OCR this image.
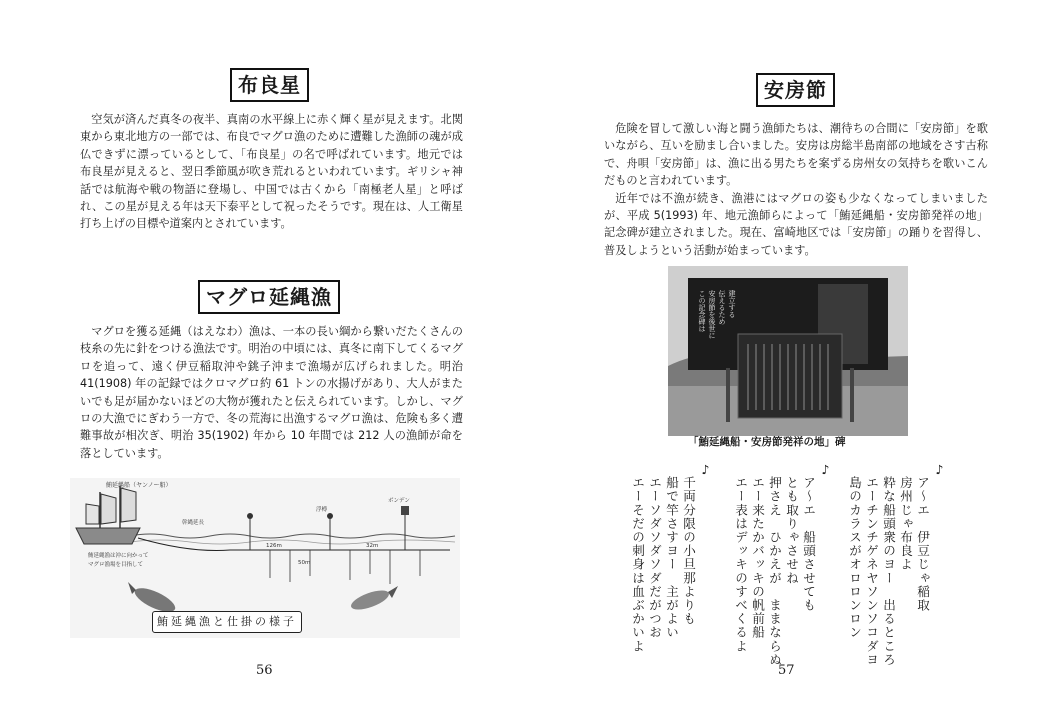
布良星

空気が済んだ真冬の夜半、真南の水平線上に赤く輝く星が見えます。北関東から東北地方の一部では、布良でマグロ漁のために遭難した漁師の魂が成仏できずに漂っているとして、「布良星」の名で呼ばれています。地元では布良星が見えると、翌日季節風が吹き荒れるといわれています。ギリシャ神話では航海や戦の物語に登場し、中国では古くから「南極老人星」と呼ばれ、この星が見える年は天下泰平として祝ったそうです。現在は、人工衛星打ち上げの目標や道案内とされています。

マグロ延縄漁

マグロを獲る延縄（はえなわ）漁は、一本の長い綱から繋いだたくさんの枝糸の先に針をつける漁法です。明治の中頃には、真冬に南下してくるマグロを追って、遠く伊豆稲取沖や銚子沖まで漁場が広げられました。明治 41(1908) 年の記録ではクロマグロ約 61 トンの水揚げがあり、大人がまたいでも足が届かないほどの大物が獲れたと伝えられています。しかし、マグロの大漁でにぎわう一方で、冬の荒海に出漁するマグロ漁は、危険も多く遭難事故が相次ぎ、明治 35(1902) 年から 10 年間では 212 人の漁師が命を落としています。

鮪延縄船（ヤンノー船）
鮪延縄漁は沖に向かって
マグロ漁場を目指して
幹縄延長
ボンデン
浮樽
50m
126m	32m
鮪延縄漁と仕掛の様子
56
安房節

危険を冒して激しい海と闘う漁師たちは、潮待ちの合間に「安房節」を歌いながら、互いを励まし合いました。安房は房総半島南部の地域をさす古称で、舟唄「安房節」は、漁に出る男たちを案ずる房州女の気持ちを歌いこんだものと言われています。

近年では不漁が続き、漁港にはマグロの姿も少なくなってしまいましたが、平成 5(1993) 年、地元漁師らによって「鮪延縄船・安房節発祥の地」記念碑が建立されました。現在、富崎地区では「安房節」の踊りを習得し、普及しようという活動が始まっています。

この記念碑は 安房節を後世に 伝えるため 建立する
「鮪延縄船・安房節発祥の地」碑
♪
ア～エ　伊豆じゃ稲取
房州じゃ布良よ
粋な船頭衆のヨー　出るところ
エーチンチゲネヤソンソコダヨ
島のカラスがオロロンロン
♪
ア～エ　船頭させても
とも取りゃさせね
押さえ　ひかえが　ままならぬ
エー来たかバッキの帆前船
エー表はデッキのすべくるよ
♪
千両分限の小旦那よりも
船で竿さすヨー　主がよい
エーソダソダソダだがつお
エーそだの刺身は血ぶかいよ
57
